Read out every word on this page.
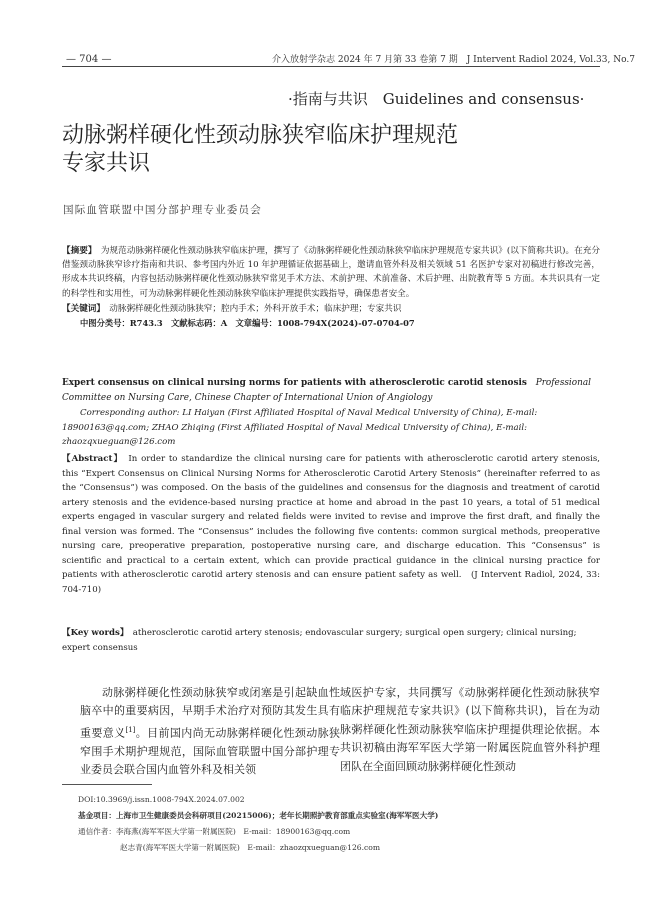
— 704 —	介入放射学杂志 2024 年 7 月第 33 卷第 7 期　J Intervent Radiol 2024, Vol.33, No.7
·指南与共识　Guidelines and consensus·
动脉粥样硬化性颈动脉狭窄临床护理规范
专家共识
国际血管联盟中国分部护理专业委员会

【摘要】　为规范动脉粥样硬化性颈动脉狭窄临床护理，撰写了《动脉粥样硬化性颈动脉狭窄临床护理规范专家共识》(以下简称共识)。在充分借鉴颈动脉狭窄诊疗指南和共识、参考国内外近 10 年护理循证依据基础上，邀请血管外科及相关领域 51 名医护专家对初稿进行修改完善，形成本共识终稿，内容包括动脉粥样硬化性颈动脉狭窄常见手术方法、术前护理、术前准备、术后护理、出院教育等 5 方面。本共识具有一定的科学性和实用性，可为动脉粥样硬化性颈动脉狭窄临床护理提供实践指导，确保患者安全。

【关键词】　动脉粥样硬化性颈动脉狭窄；腔内手术；外科开放手术；临床护理；专家共识

中图分类号：R743.3　文献标志码：A　文章编号：1008-794X(2024)-07-0704-07

Expert consensus on clinical nursing norms for patients with atherosclerotic carotid stenosis　Professional Committee on Nursing Care, Chinese Chapter of International Union of Angiology
Corresponding author: LI Haiyan (First Affiliated Hospital of Naval Medical University of China), E-mail: 18900163@qq.com; ZHAO Zhiqing (First Affiliated Hospital of Naval Medical University of China), E-mail: zhaozqxueguan@126.com
【Abstract】　In order to standardize the clinical nursing care for patients with atherosclerotic carotid artery stenosis, this “Expert Consensus on Clinical Nursing Norms for Atherosclerotic Carotid Artery Stenosis” (hereinafter referred to as the “Consensus”) was composed. On the basis of the guidelines and consensus for the diagnosis and treatment of carotid artery stenosis and the evidence-based nursing practice at home and abroad in the past 10 years, a total of 51 medical experts engaged in vascular surgery and related fields were invited to revise and improve the first draft, and finally the final version was formed. The “Consensus” includes the following five contents: common surgical methods, preoperative nursing care, preoperative preparation, postoperative nursing care, and discharge education. This “Consensus” is scientific and practical to a certain extent, which can provide practical guidance in the clinical nursing practice for patients with atherosclerotic carotid artery stenosis and can ensure patient safety as well.　(J Intervent Radiol, 2024, 33: 704-710)
【Key words】　atherosclerotic carotid artery stenosis; endovascular surgery; surgical open surgery; clinical nursing; expert consensus
动脉粥样硬化性颈动脉狭窄或闭塞是引起缺血性脑卒中的重要病因，早期手术治疗对预防其发生具有重要意义[1]。目前国内尚无动脉粥样硬化性颈动脉狭窄围手术期护理规范，国际血管联盟中国分部护理专业委员会联合国内血管外科及相关领
域医护专家，共同撰写《动脉粥样硬化性颈动脉狭窄临床护理规范专家共识》(以下简称共识)，旨在为动脉粥样硬化性颈动脉狭窄临床护理提供理论依据。本共识初稿由海军军医大学第一附属医院血管外科护理团队在全面回顾动脉粥样硬化性颈动
DOI:10.3969/j.issn.1008-794X.2024.07.002
基金项目：上海市卫生健康委员会科研项目(20215006)；老年长期照护教育部重点实验室(海军军医大学)
通信作者：李海燕(海军军医大学第一附属医院)　E-mail：18900163@qq.com
赵志青(海军军医大学第一附属医院)　E-mail：zhaozqxueguan@126.com
